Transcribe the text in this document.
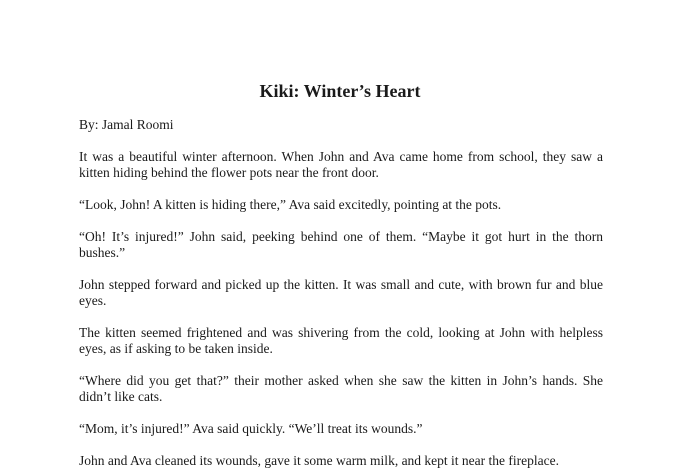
Kiki: Winter’s Heart

By: Jamal Roomi

It was a beautiful winter afternoon. When John and Ava came home from school, they saw a kitten hiding behind the flower pots near the front door.

“Look, John! A kitten is hiding there,” Ava said excitedly, pointing at the pots.

“Oh! It’s injured!” John said, peeking behind one of them. “Maybe it got hurt in the thorn bushes.”

John stepped forward and picked up the kitten. It was small and cute, with brown fur and blue eyes.

The kitten seemed frightened and was shivering from the cold, looking at John with helpless eyes, as if asking to be taken inside.

“Where did you get that?” their mother asked when she saw the kitten in John’s hands. She didn’t like cats.

“Mom, it’s injured!” Ava said quickly. “We’ll treat its wounds.”

John and Ava cleaned its wounds, gave it some warm milk, and kept it near the fireplace.
